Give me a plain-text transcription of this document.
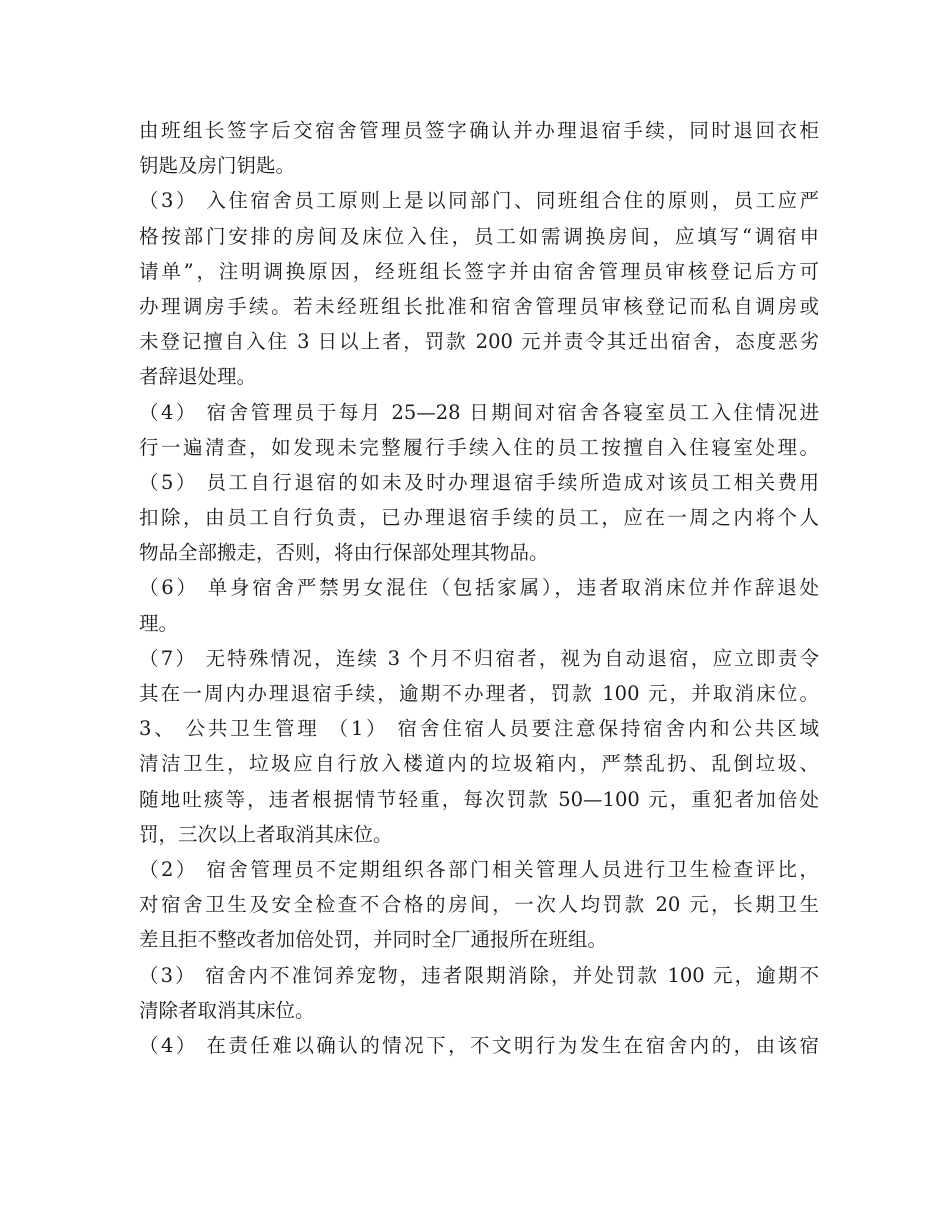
由班组长签字后交宿舍管理员签字确认并办理退宿手续，同时退回衣柜
钥匙及房门钥匙。
（3） 入住宿舍员工原则上是以同部门、同班组合住的原则，员工应严
格按部门安排的房间及床位入住，员工如需调换房间，应填写“调宿申
请单”，注明调换原因，经班组长签字并由宿舍管理员审核登记后方可
办理调房手续。若未经班组长批准和宿舍管理员审核登记而私自调房或
未登记擅自入住 3 日以上者，罚款 200 元并责令其迁出宿舍，态度恶劣
者辞退处理。
（4） 宿舍管理员于每月 25—28 日期间对宿舍各寝室员工入住情况进
行一遍清查，如发现未完整履行手续入住的员工按擅自入住寝室处理。
（5） 员工自行退宿的如未及时办理退宿手续所造成对该员工相关费用
扣除，由员工自行负责，已办理退宿手续的员工，应在一周之内将个人
物品全部搬走，否则，将由行保部处理其物品。
（6） 单身宿舍严禁男女混住（包括家属），违者取消床位并作辞退处
理。
（7） 无特殊情况，连续 3 个月不归宿者，视为自动退宿，应立即责令
其在一周内办理退宿手续，逾期不办理者，罚款 100 元，并取消床位。
3、 公共卫生管理 （1） 宿舍住宿人员要注意保持宿舍内和公共区域
清洁卫生，垃圾应自行放入楼道内的垃圾箱内，严禁乱扔、乱倒垃圾、
随地吐痰等，违者根据情节轻重，每次罚款 50—100 元，重犯者加倍处
罚，三次以上者取消其床位。
（2） 宿舍管理员不定期组织各部门相关管理人员进行卫生检查评比，
对宿舍卫生及安全检查不合格的房间，一次人均罚款 20 元，长期卫生
差且拒不整改者加倍处罚，并同时全厂通报所在班组。
（3） 宿舍内不准饲养宠物，违者限期消除，并处罚款 100 元，逾期不
清除者取消其床位。
（4） 在责任难以确认的情况下，不文明行为发生在宿舍内的，由该宿
